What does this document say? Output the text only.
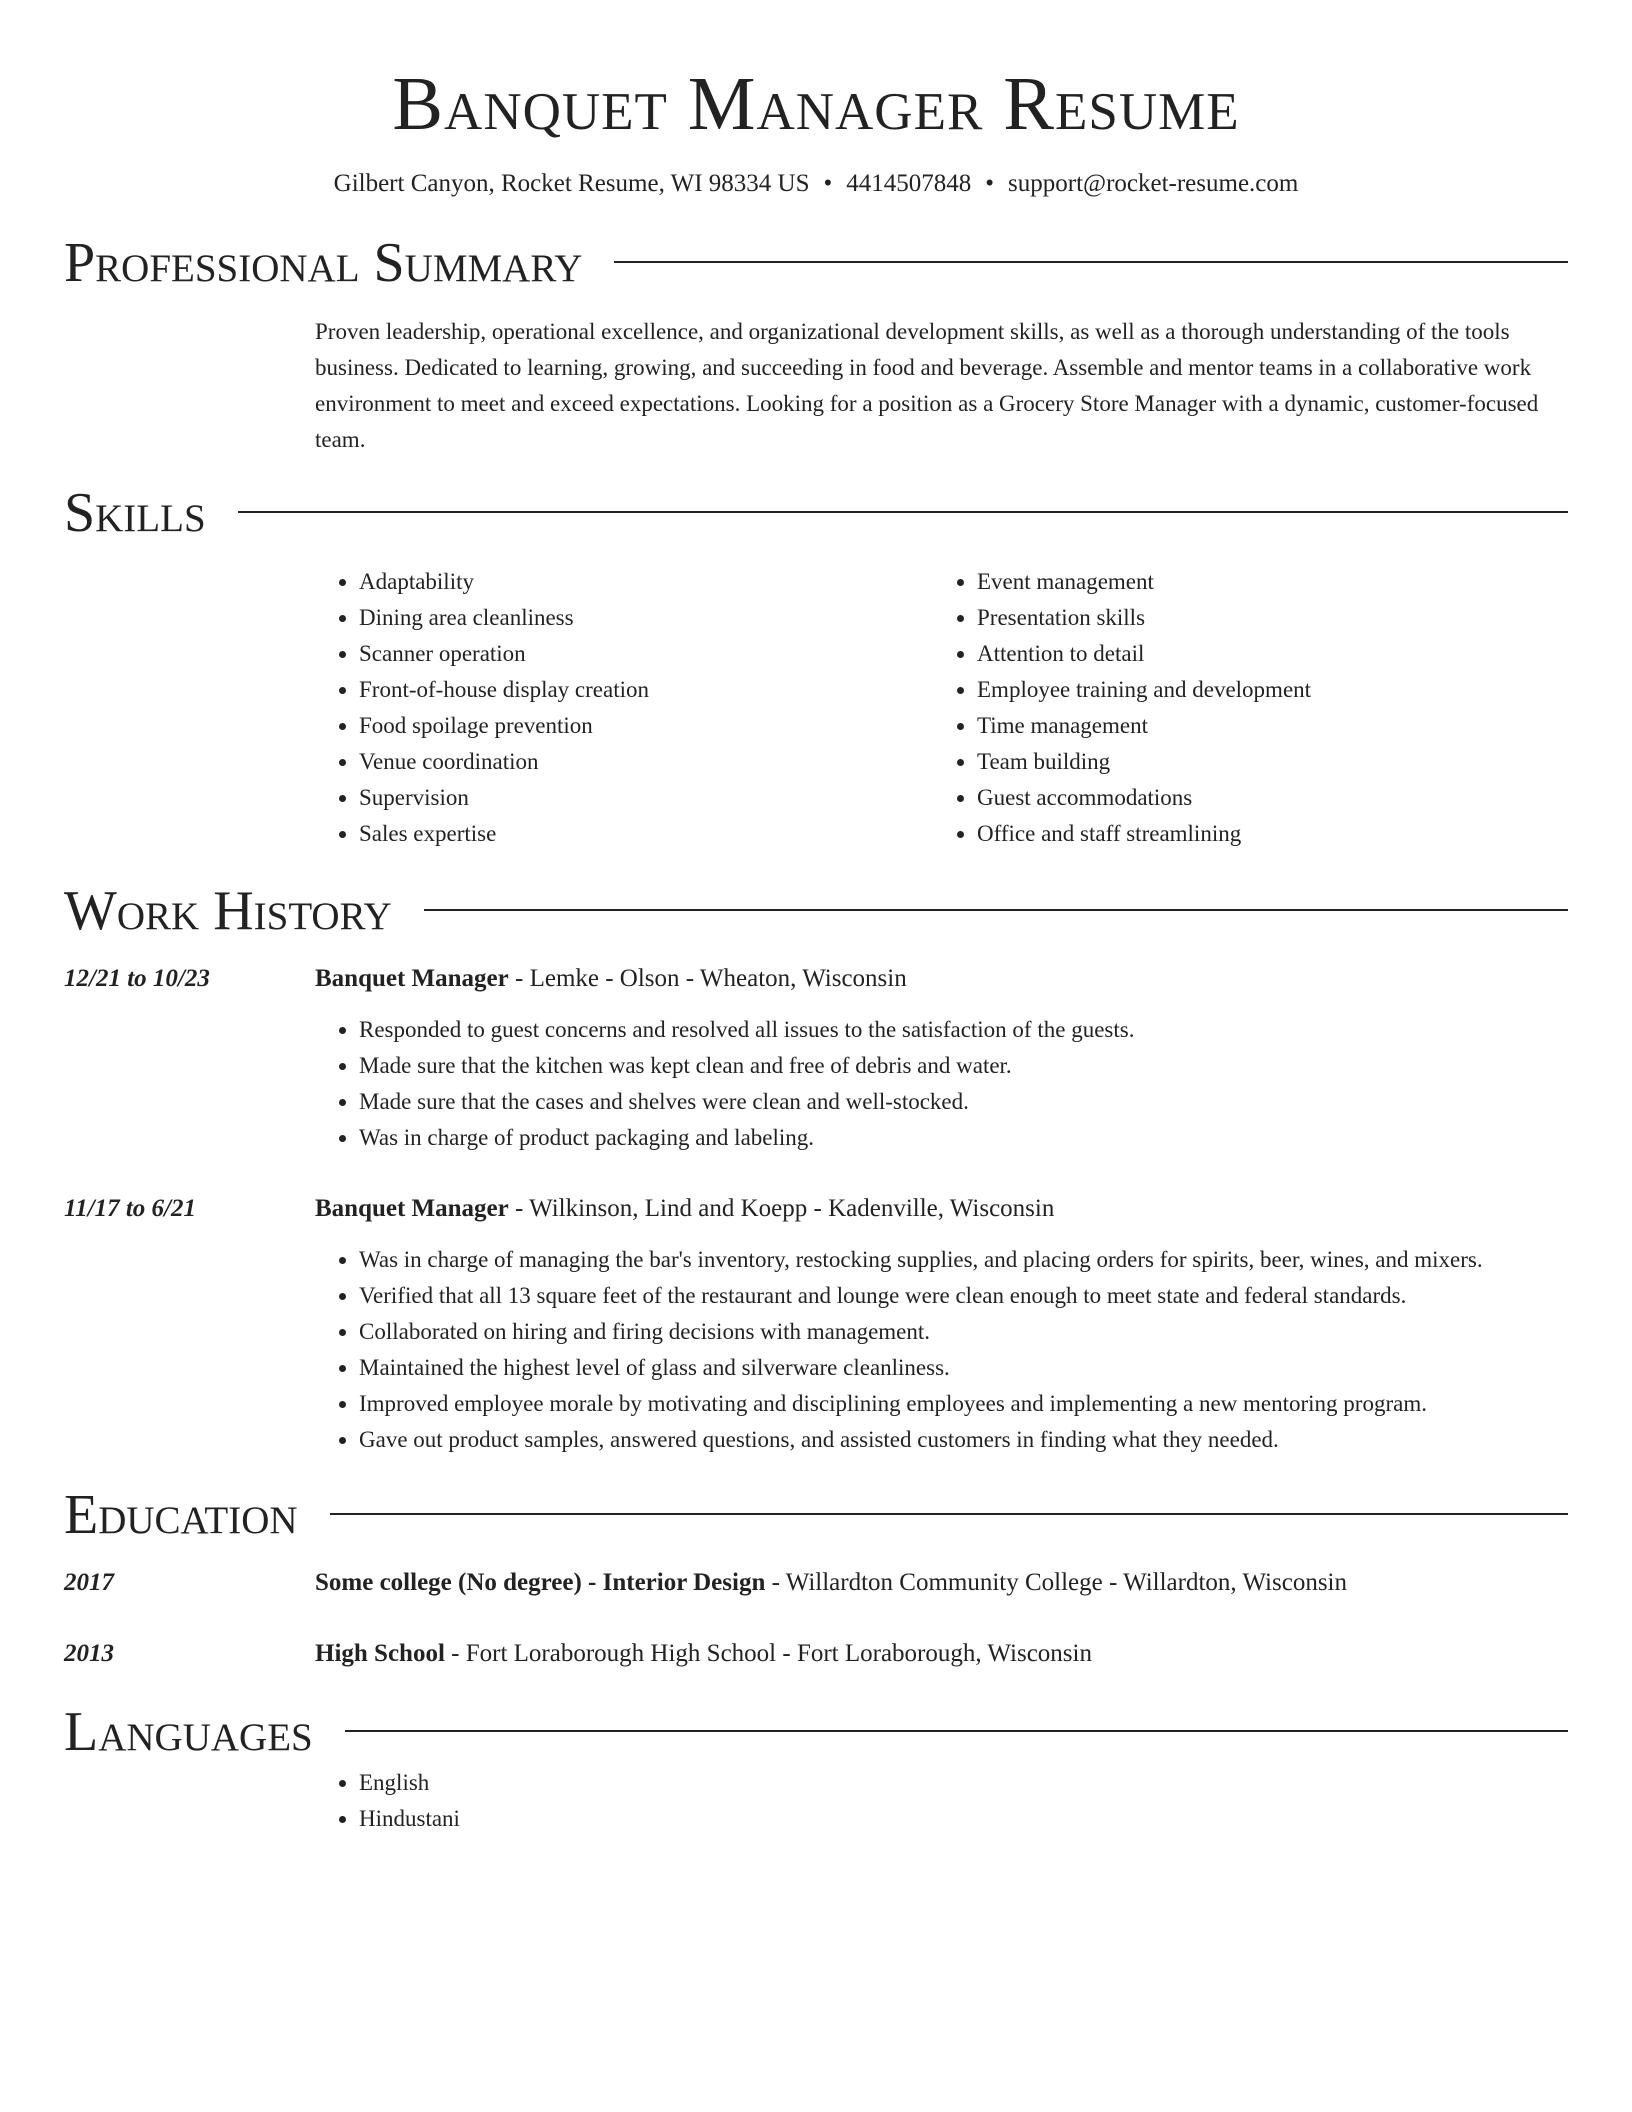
Banquet Manager Resume
Gilbert Canyon, Rocket Resume, WI 98334 US • 4414507848 • support@rocket-resume.com
Professional Summary

Proven leadership, operational excellence, and organizational development skills, as well as a thorough understanding of the tools business. Dedicated to learning, growing, and succeeding in food and beverage. Assemble and mentor teams in a collaborative work environment to meet and exceed expectations. Looking for a position as a Grocery Store Manager with a dynamic, customer-focused team.

Skills
• Adaptability
• Dining area cleanliness
• Scanner operation
• Front-of-house display creation
• Food spoilage prevention
• Venue coordination
• Supervision
• Sales expertise
• Event management
• Presentation skills
• Attention to detail
• Employee training and development
• Time management
• Team building
• Guest accommodations
• Office and staff streamlining
Work History
12/21 to 10/23	Banquet Manager - Lemke - Olson - Wheaton, Wisconsin
• Responded to guest concerns and resolved all issues to the satisfaction of the guests.
• Made sure that the kitchen was kept clean and free of debris and water.
• Made sure that the cases and shelves were clean and well-stocked.
• Was in charge of product packaging and labeling.
11/17 to 6/21	Banquet Manager - Wilkinson, Lind and Koepp - Kadenville, Wisconsin
• Was in charge of managing the bar's inventory, restocking supplies, and placing orders for spirits, beer, wines, and mixers.
• Verified that all 13 square feet of the restaurant and lounge were clean enough to meet state and federal standards.
• Collaborated on hiring and firing decisions with management.
• Maintained the highest level of glass and silverware cleanliness.
• Improved employee morale by motivating and disciplining employees and implementing a new mentoring program.
• Gave out product samples, answered questions, and assisted customers in finding what they needed.
Education
2017	Some college (No degree) - Interior Design - Willardton Community College - Willardton, Wisconsin
2013	High School - Fort Loraborough High School - Fort Loraborough, Wisconsin
Languages
• English
• Hindustani
